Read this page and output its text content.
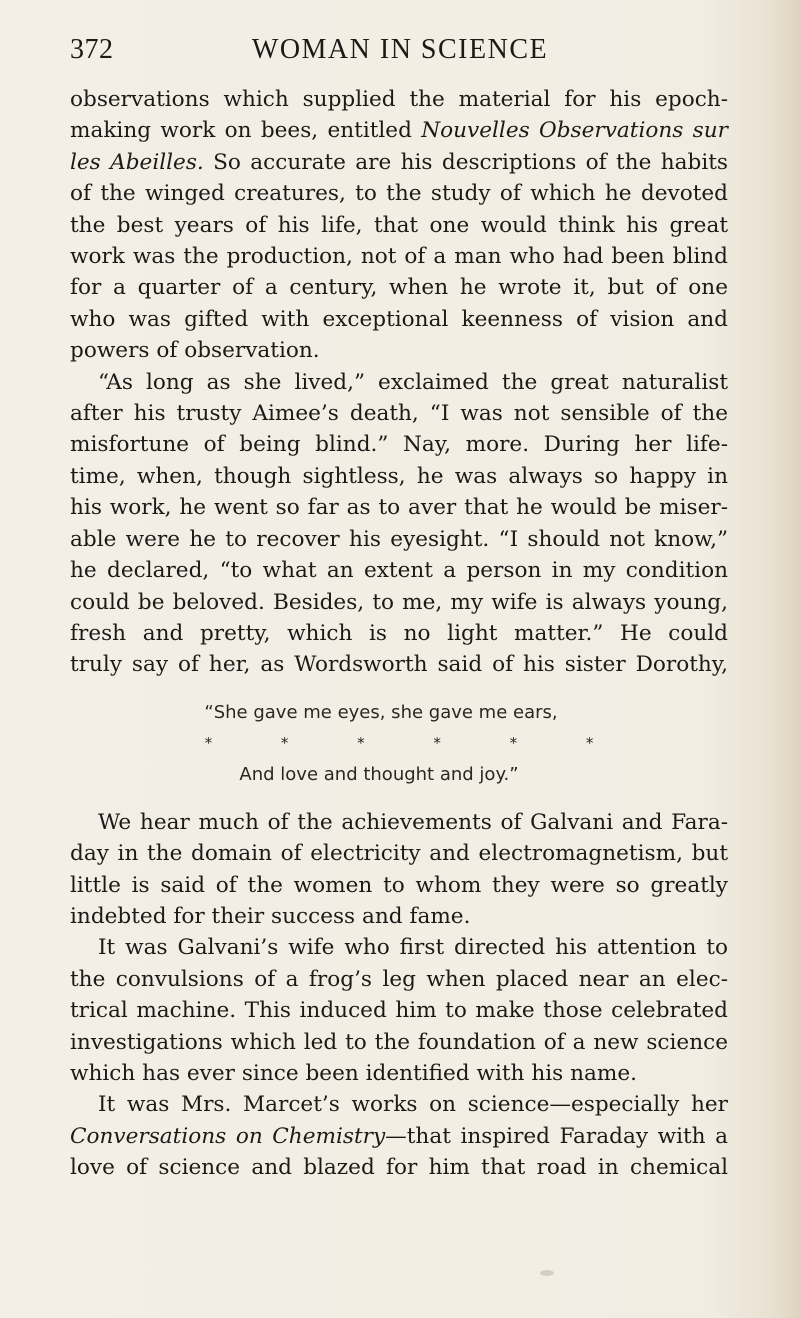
372	WOMAN IN SCIENCE
observations which supplied the material for his epoch-
making work on bees, entitled Nouvelles Observations sur
les Abeilles. So accurate are his descriptions of the habits
of the winged creatures, to the study of which he devoted
the best years of his life, that one would think his great
work was the production, not of a man who had been blind
for a quarter of a century, when he wrote it, but of one
who was gifted with exceptional keenness of vision and
powers of observation.
“As long as she lived,” exclaimed the great naturalist
after his trusty Aimee’s death, “I was not sensible of the
misfortune of being blind.” Nay, more. During her life-
time, when, though sightless, he was always so happy in
his work, he went so far as to aver that he would be miser-
able were he to recover his eyesight. “I should not know,”
he declared, “to what an extent a person in my condition
could be beloved. Besides, to me, my wife is always young,
fresh and pretty, which is no light matter.” He could
truly say of her, as Wordsworth said of his sister Dorothy,
“She gave me eyes, she gave me ears,
* * * * * *
And love and thought and joy.”
We hear much of the achievements of Galvani and Fara-
day in the domain of electricity and electromagnetism, but
little is said of the women to whom they were so greatly
indebted for their success and fame.
It was Galvani’s wife who first directed his attention to
the convulsions of a frog’s leg when placed near an elec-
trical machine. This induced him to make those celebrated
investigations which led to the foundation of a new science
which has ever since been identified with his name.
It was Mrs. Marcet’s works on science—especially her
Conversations on Chemistry—that inspired Faraday with a
love of science and blazed for him that road in chemical
